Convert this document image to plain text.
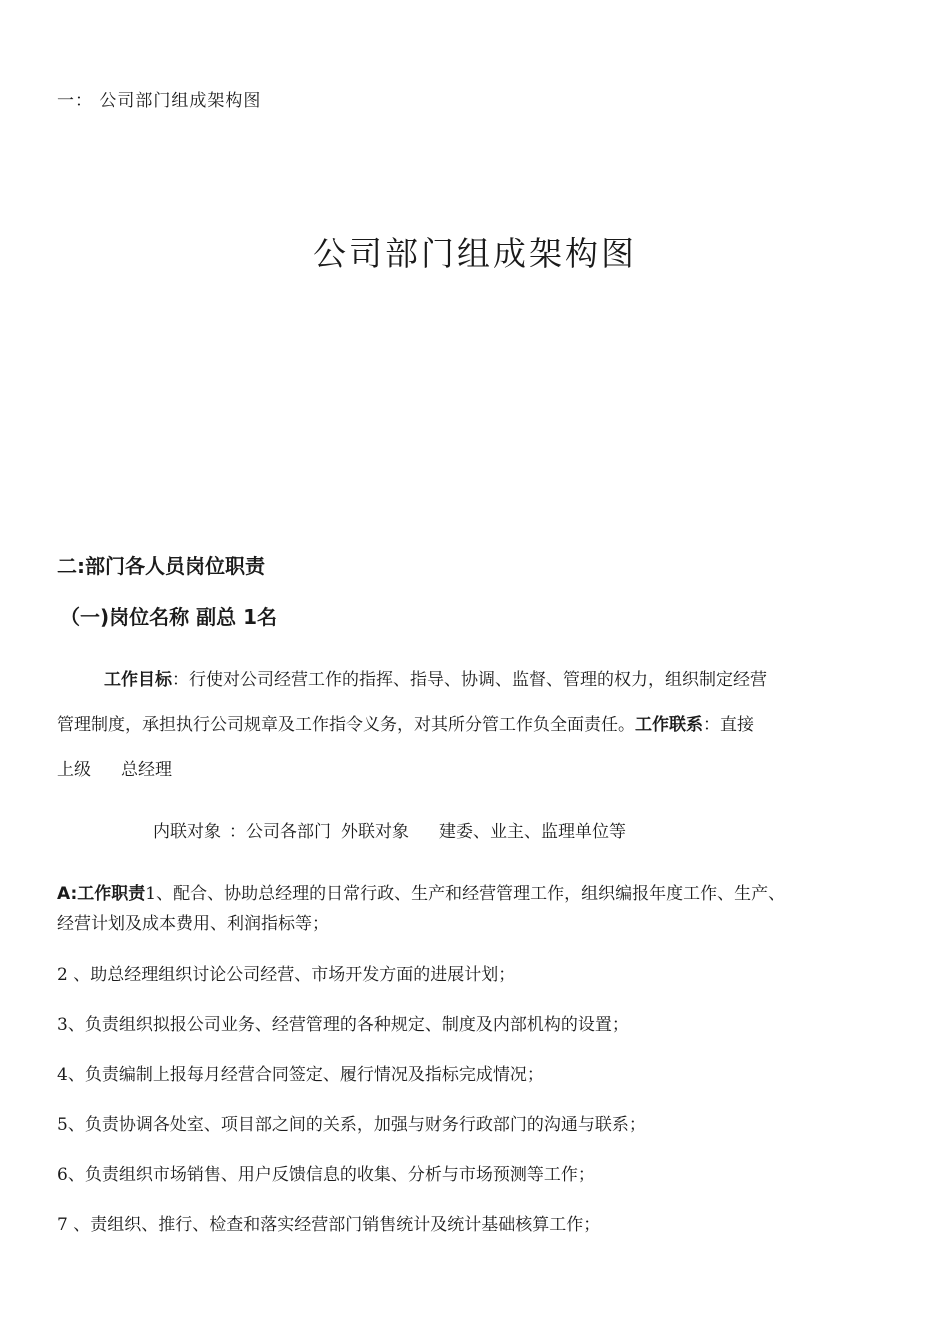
一： 公司部门组成架构图
公司部门组成架构图
二:部门各人员岗位职责
（一)岗位名称 副总 1名
工作目标：行使对公司经营工作的指挥、指导、协调、监督、管理的权力，组织制定经营
管理制度，承担执行公司规章及工作指令义务，对其所分管工作负全面责任。工作联系：直接
上级 总经理
内联对象 ：公司各部门 外联对象 建委、业主、监理单位等
A:工作职责1、配合、协助总经理的日常行政、生产和经营管理工作，组织编报年度工作、生产、
经营计划及成本费用、利润指标等；
2 、助总经理组织讨论公司经营、市场开发方面的进展计划；
3、负责组织拟报公司业务、经营管理的各种规定、制度及内部机构的设置；
4、负责编制上报每月经营合同签定、履行情况及指标完成情况；
5、负责协调各处室、项目部之间的关系，加强与财务行政部门的沟通与联系；
6、负责组织市场销售、用户反馈信息的收集、分析与市场预测等工作；
7 、责组织、推行、检查和落实经营部门销售统计及统计基础核算工作；
